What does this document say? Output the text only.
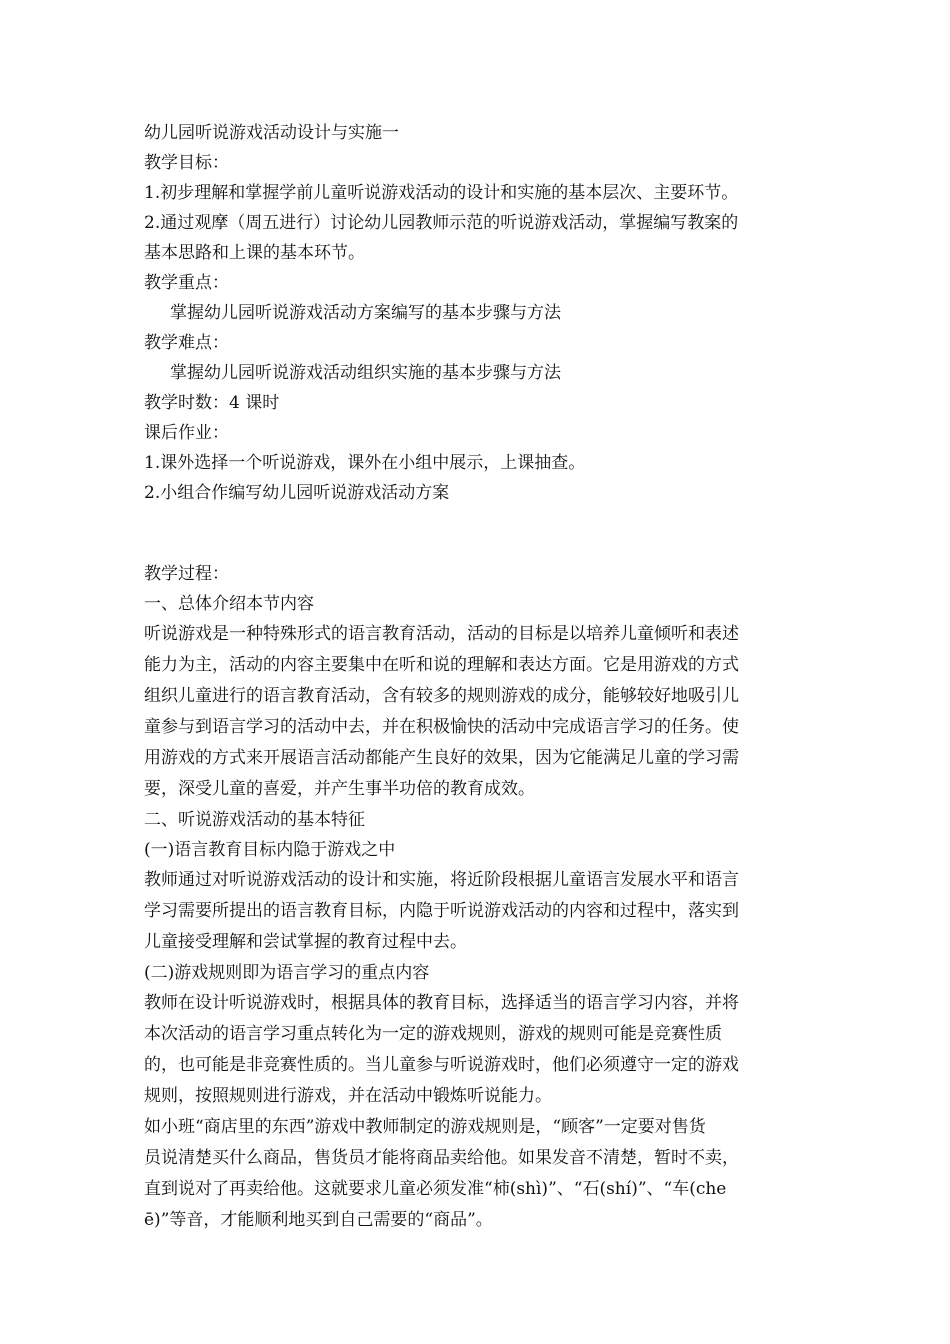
幼儿园听说游戏活动设计与实施一
教学目标：
1.初步理解和掌握学前儿童听说游戏活动的设计和实施的基本层次、主要环节。
2.通过观摩（周五进行）讨论幼儿园教师示范的听说游戏活动，掌握编写教案的
基本思路和上课的基本环节。
教学重点：
掌握幼儿园听说游戏活动方案编写的基本步骤与方法
教学难点：
掌握幼儿园听说游戏活动组织实施的基本步骤与方法
教学时数：4 课时
课后作业：
1.课外选择一个听说游戏，课外在小组中展示，上课抽查。
2.小组合作编写幼儿园听说游戏活动方案
教学过程：
一、总体介绍本节内容
听说游戏是一种特殊形式的语言教育活动，活动的目标是以培养儿童倾听和表述
能力为主，活动的内容主要集中在听和说的理解和表达方面。它是用游戏的方式
组织儿童进行的语言教育活动，含有较多的规则游戏的成分，能够较好地吸引儿
童参与到语言学习的活动中去，并在积极愉快的活动中完成语言学习的任务。使
用游戏的方式来开展语言活动都能产生良好的效果，因为它能满足儿童的学习需
要，深受儿童的喜爱，并产生事半功倍的教育成效。
二、听说游戏活动的基本特征
(一)语言教育目标内隐于游戏之中
教师通过对听说游戏活动的设计和实施，将近阶段根据儿童语言发展水平和语言
学习需要所提出的语言教育目标，内隐于听说游戏活动的内容和过程中，落实到
儿童接受理解和尝试掌握的教育过程中去。
(二)游戏规则即为语言学习的重点内容
教师在设计听说游戏时，根据具体的教育目标，选择适当的语言学习内容，并将
本次活动的语言学习重点转化为一定的游戏规则，游戏的规则可能是竞赛性质
的，也可能是非竞赛性质的。当儿童参与听说游戏时，他们必须遵守一定的游戏
规则，按照规则进行游戏，并在活动中锻炼听说能力。
如小班“商店里的东西”游戏中教师制定的游戏规则是，“顾客”一定要对售货
员说清楚买什么商品，售货员才能将商品卖给他。如果发音不清楚，暂时不卖，
直到说对了再卖给他。这就要求儿童必须发准“柿(shì)”、“石(shí)”、“车(che
ē)”等音，才能顺利地买到自己需要的“商品”。
